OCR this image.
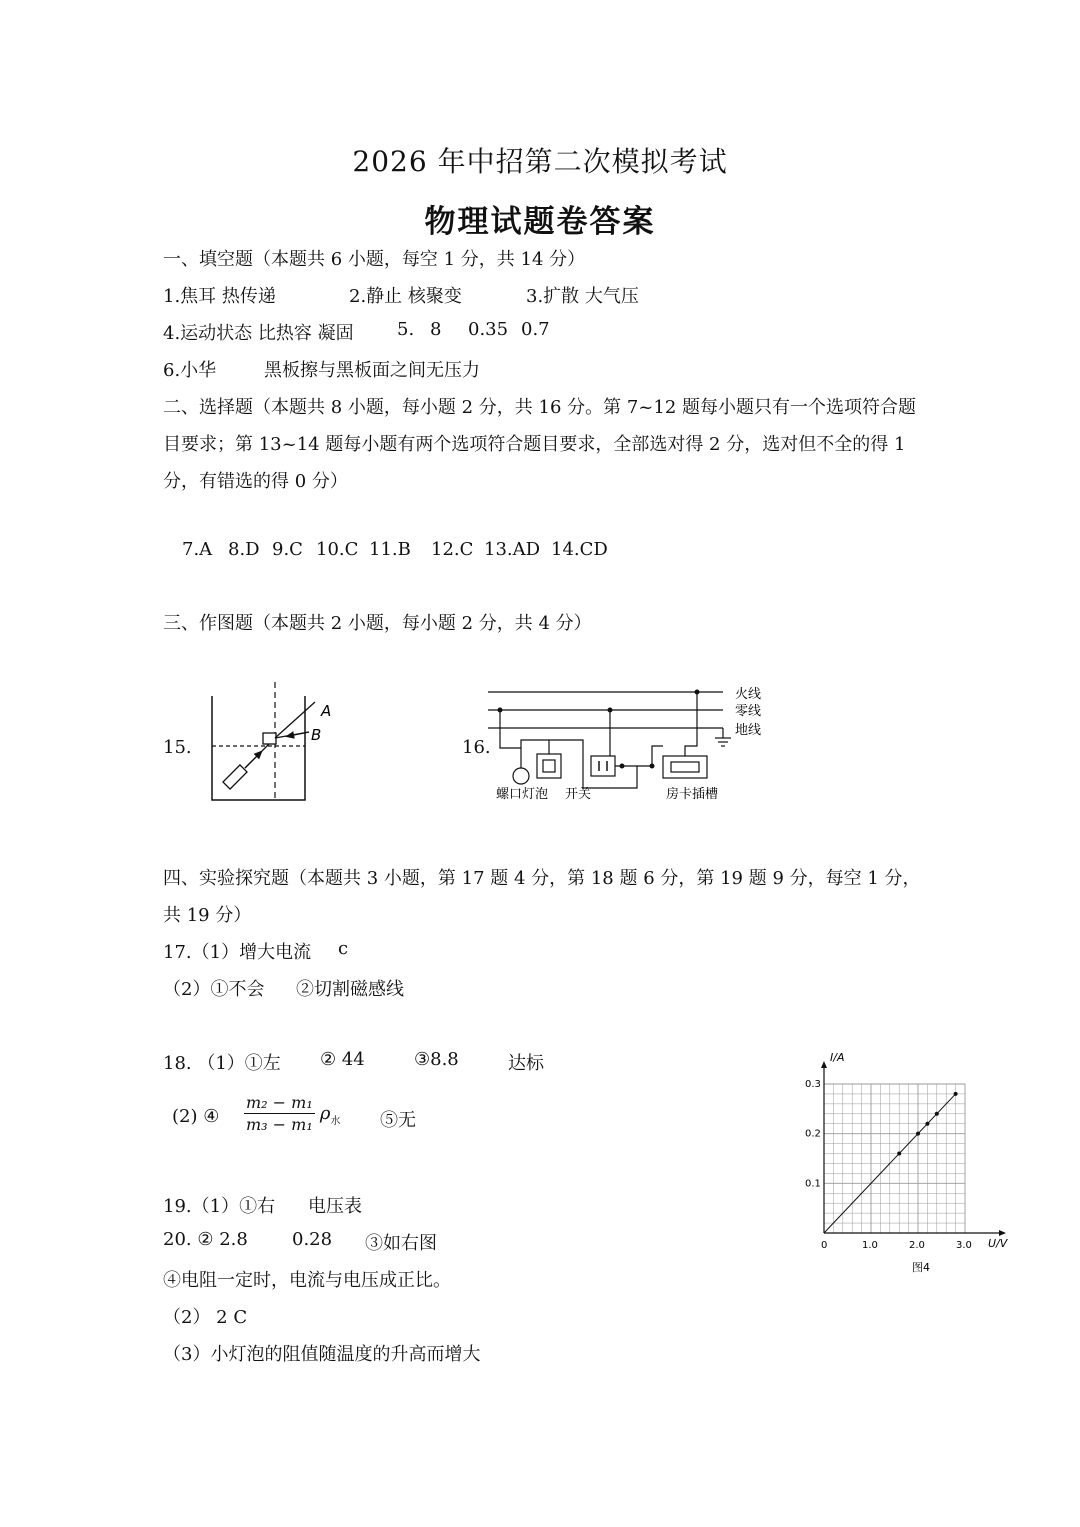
2026 年中招第二次模拟考试
物理试题卷答案
一、填空题（本题共 6 小题，每空 1 分，共 14 分）
1.焦耳 热传递	2.静止 核聚变	3.扩散 大气压
4.运动状态 比热容 凝固 5. 8 0.35 0.7
6.小华	黑板擦与黑板面之间无压力
二、选择题（本题共 8 小题，每小题 2 分，共 16 分。第 7~12 题每小题只有一个选项符合题
目要求；第 13~14 题每小题有两个选项符合题目要求，全部选对得 2 分，选对但不全的得 1
分，有错选的得 0 分）
7.A 8.D 9.C 10.C 11.B 12.C 13.AD 14.CD
三、作图题（本题共 2 小题，每小题 2 分，共 4 分）
15.
A
B
16.
火线
零线
地线
螺口灯泡 开关	房卡插槽
四、实验探究题（本题共 3 小题，第 17 题 4 分，第 18 题 6 分，第 19 题 9 分，每空 1 分，
共 19 分）
17.（1）增大电流 c
（2）①不会 ②切割磁感线
18. （1）①左 ② 44	③8.8	达标
(2) ④ $\frac{\text{m₂ − m₁}}{\text{m₃ − m₁}} \rho_水$ ⑤无
19.（1）①右 电压表
20. ② 2.8 0.28 ③如右图
④电阻一定时，电流与电压成正比。
（2） 2 C
（3）小灯泡的阻值随温度的升高而增大
0	1.0	2.0	3.0
0.1
0.2
0.3
I/A
U/V
图4
